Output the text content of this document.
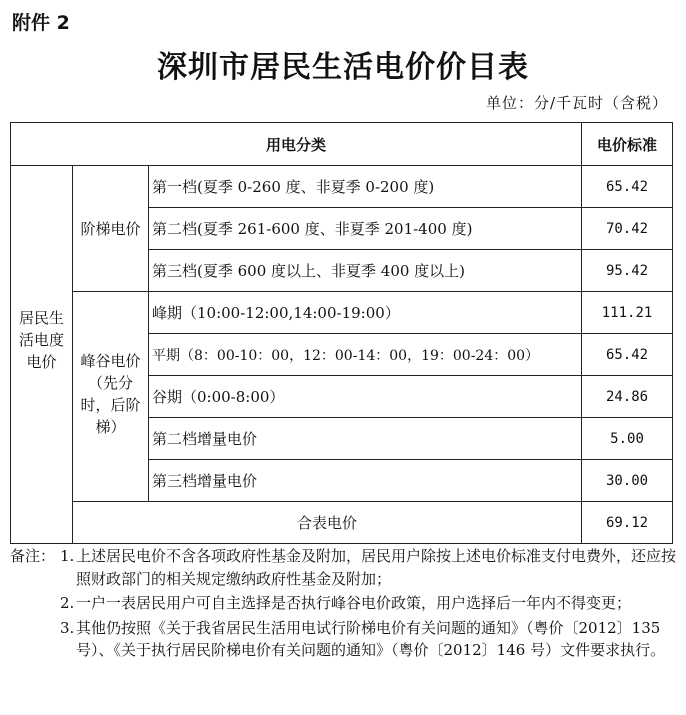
附件 2
深圳市居民生活电价价目表
单位：分/千瓦时（含税）
用电分类			电价标准

居民生活电度电价	阶梯电价	第一档(夏季 0-260 度、非夏季 0-200 度)	65.42
		第二档(夏季 261-600 度、非夏季 201-400 度)	70.42
		第三档(夏季 600 度以上、非夏季 400 度以上)	95.42

	峰谷电价（先分时，后阶梯）	峰期（10:00-12:00,14:00-19:00）	111.21
		平期（8：00-10：00，12：00-14：00，19：00-24：00）	65.42
		谷期（0:00-8:00）	24.86
		第二档增量电价	5.00
		第三档增量电价	30.00
	合表电价		69.12
备注： 1. 上述居民电价不含各项政府性基金及附加，居民用户除按上述电价标准支付电费外，还应按照财政部门的相关规定缴纳政府性基金及附加；

2. 一户一表居民用户可自主选择是否执行峰谷电价政策，用户选择后一年内不得变更；

3. 其他仍按照《关于我省居民生活用电试行阶梯电价有关问题的通知》（粤价〔2012〕135 号）、《关于执行居民阶梯电价有关问题的通知》（粤价〔2012〕146 号）文件要求执行。
